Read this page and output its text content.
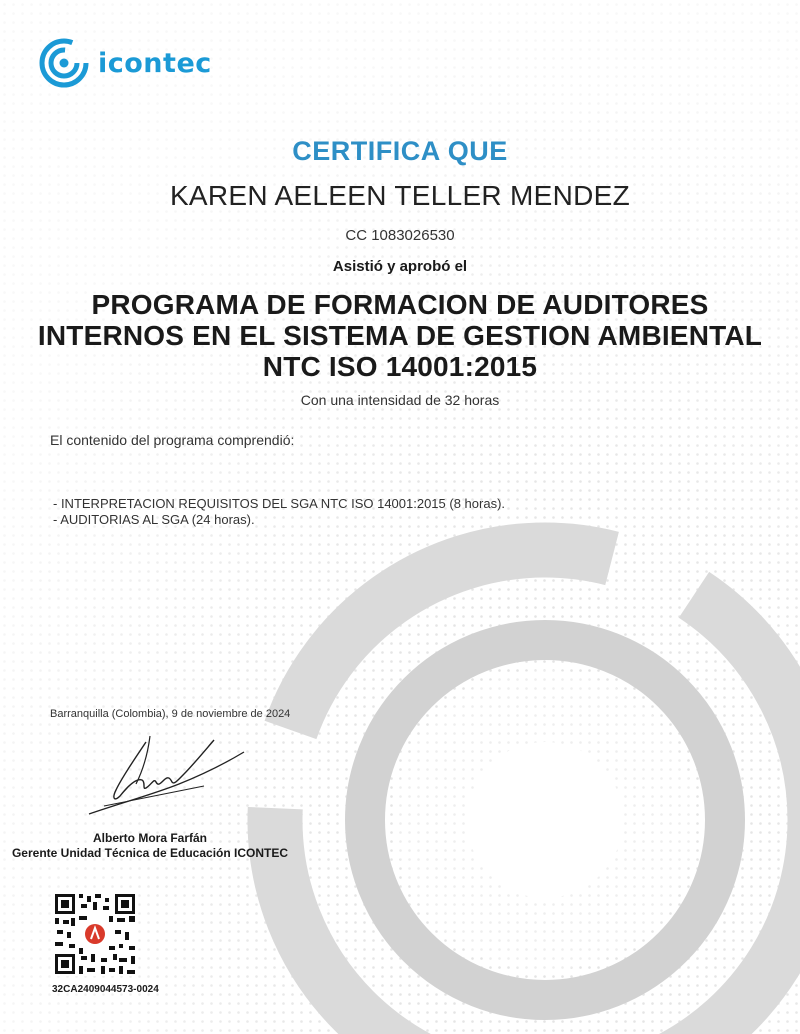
icontec
CERTIFICA QUE
KAREN AELEEN TELLER MENDEZ
CC 1083026530
Asistió y aprobó el
PROGRAMA DE FORMACION DE AUDITORES
INTERNOS EN EL SISTEMA DE GESTION AMBIENTAL
NTC ISO 14001:2015
Con una intensidad de 32 horas
El contenido del programa comprendió:
- INTERPRETACION REQUISITOS DEL SGA NTC ISO 14001:2015 (8 horas).
- AUDITORIAS AL SGA (24 horas).
Barranquilla (Colombia), 9 de noviembre de 2024
Alberto Mora Farfán
Gerente Unidad Técnica de Educación ICONTEC
32CA2409044573-0024
